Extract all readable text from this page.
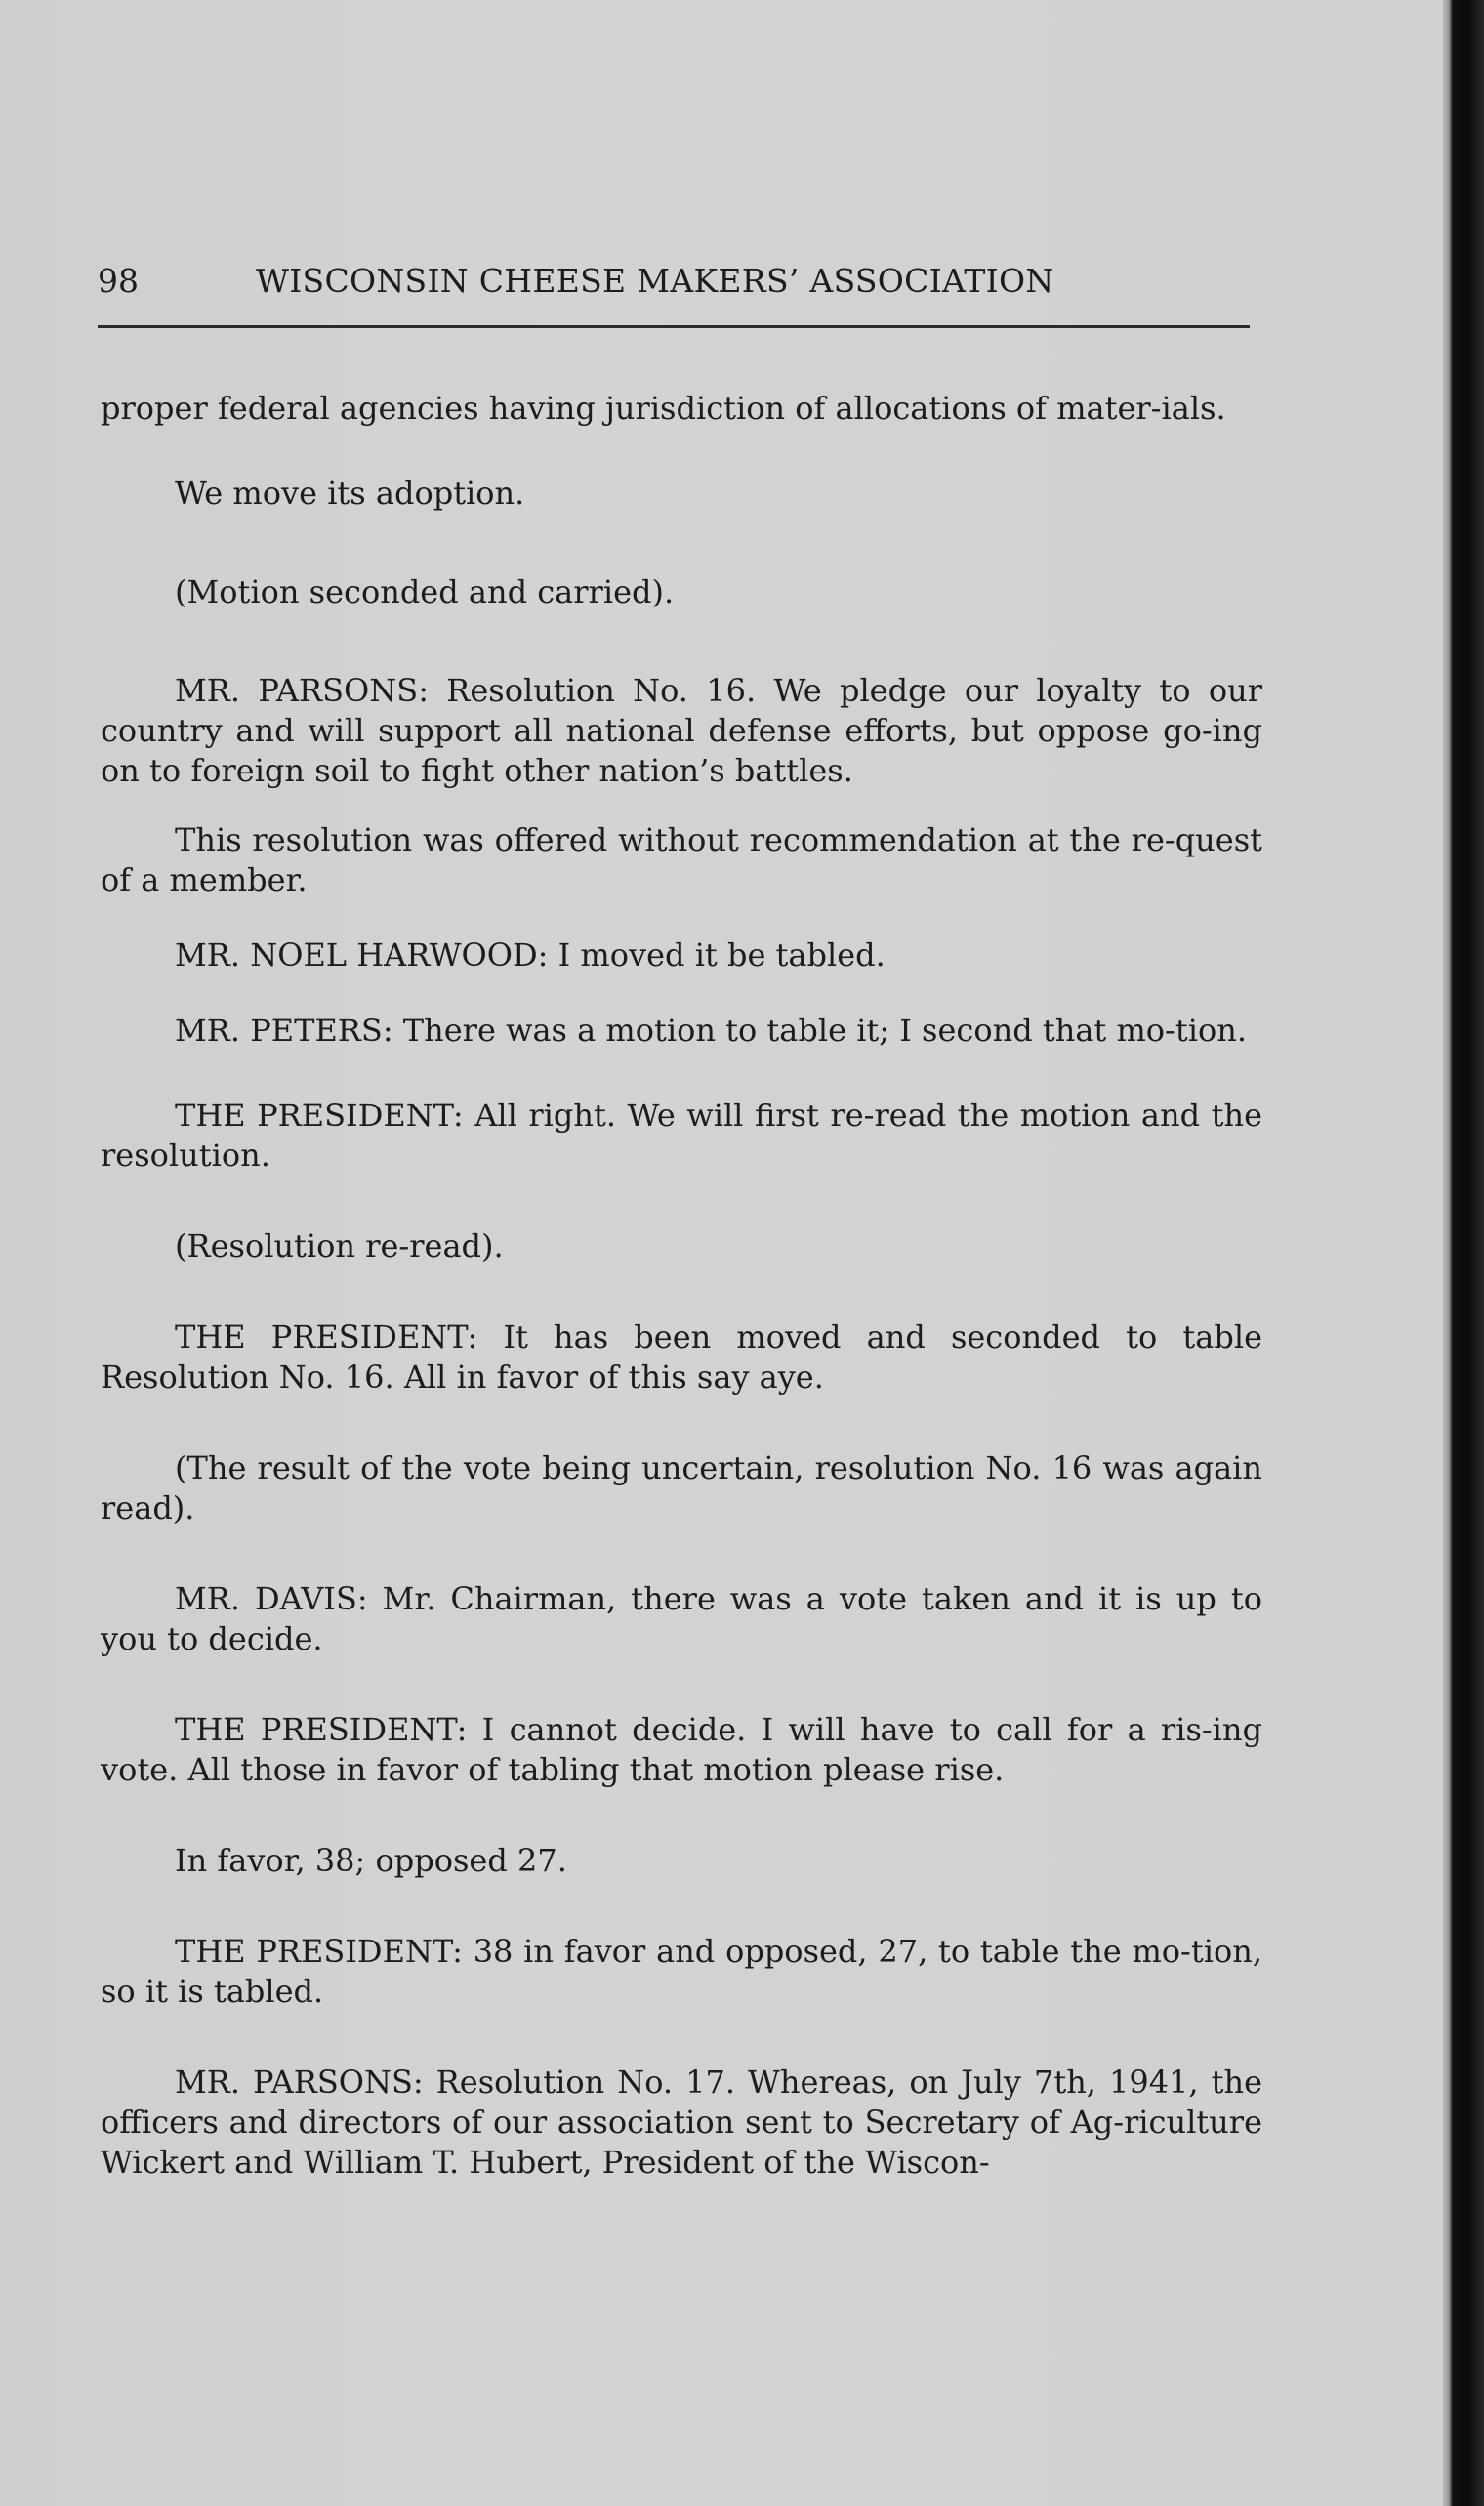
98	WISCONSIN CHEESE MAKERS’ ASSOCIATION

proper federal agencies having jurisdiction of allocations of mater-ials.

We move its adoption.

(Motion seconded and carried).

MR. PARSONS: Resolution No. 16. We pledge our loyalty to our country and will support all national defense efforts, but oppose go-ing on to foreign soil to fight other nation’s battles.

This resolution was offered without recommendation at the re-quest of a member.

MR. NOEL HARWOOD: I moved it be tabled.

MR. PETERS: There was a motion to table it; I second that mo-tion.

THE PRESIDENT: All right. We will first re-read the motion and the resolution.

(Resolution re-read).

THE PRESIDENT: It has been moved and seconded to table Resolution No. 16. All in favor of this say aye.

(The result of the vote being uncertain, resolution No. 16 was again read).

MR. DAVIS: Mr. Chairman, there was a vote taken and it is up to you to decide.

THE PRESIDENT: I cannot decide. I will have to call for a ris-ing vote. All those in favor of tabling that motion please rise.

In favor, 38; opposed 27.

THE PRESIDENT: 38 in favor and opposed, 27, to table the mo-tion, so it is tabled.

MR. PARSONS: Resolution No. 17. Whereas, on July 7th, 1941, the officers and directors of our association sent to Secretary of Ag-riculture Wickert and William T. Hubert, President of the Wiscon-
